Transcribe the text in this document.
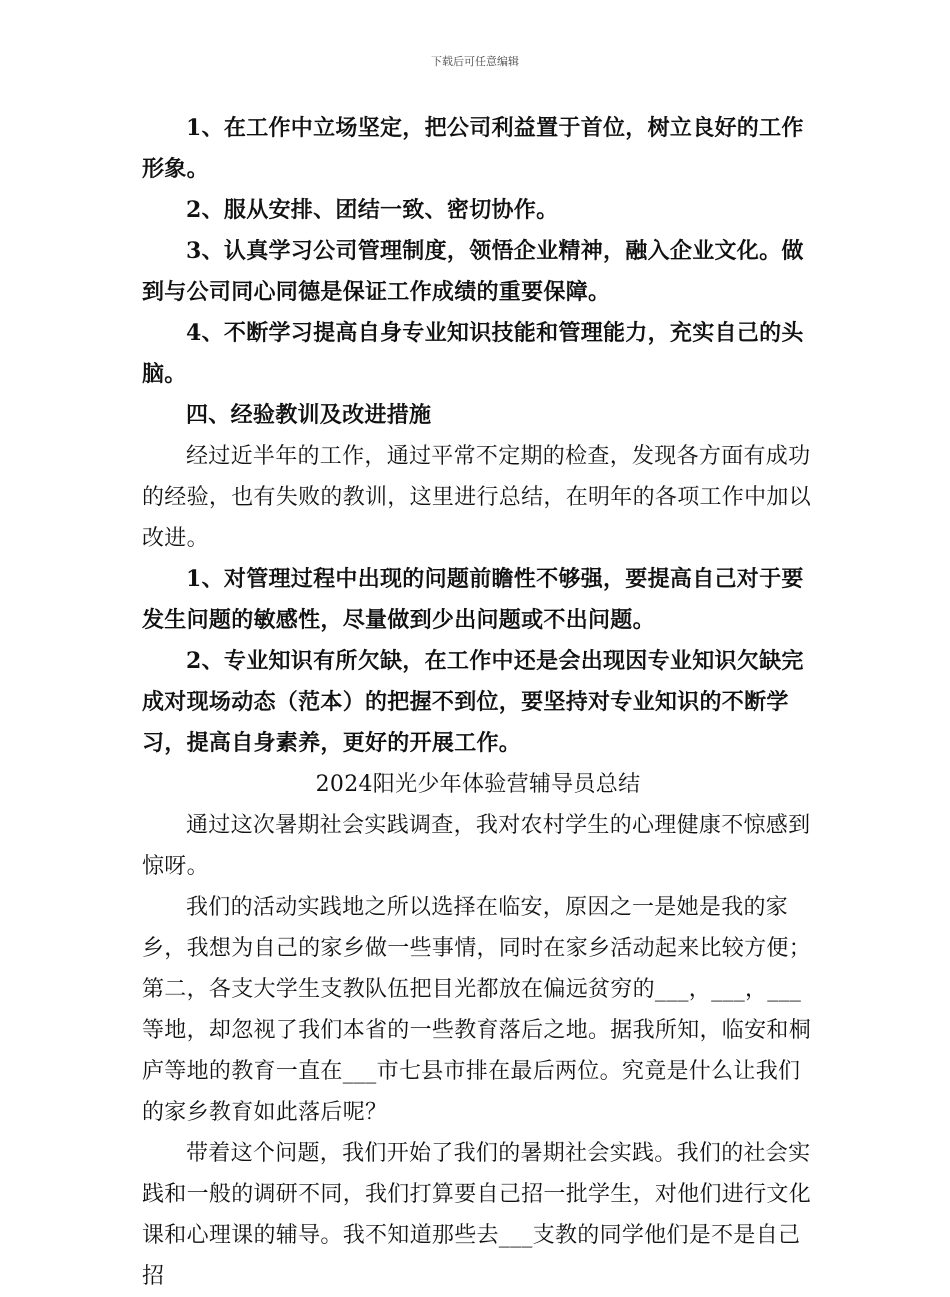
下载后可任意编辑

1、在工作中立场坚定，把公司利益置于首位，树立良好的工作形象。

2、服从安排、团结一致、密切协作。

3、认真学习公司管理制度，领悟企业精神，融入企业文化。做到与公司同心同德是保证工作成绩的重要保障。

4、不断学习提高自身专业知识技能和管理能力，充实自己的头脑。

四、经验教训及改进措施

经过近半年的工作，通过平常不定期的检查，发现各方面有成功的经验，也有失败的教训，这里进行总结，在明年的各项工作中加以改进。

1、对管理过程中出现的问题前瞻性不够强，要提高自己对于要发生问题的敏感性，尽量做到少出问题或不出问题。

2、专业知识有所欠缺，在工作中还是会出现因专业知识欠缺完成对现场动态（范本）的把握不到位，要坚持对专业知识的不断学习，提高自身素养，更好的开展工作。

2024阳光少年体验营辅导员总结

通过这次暑期社会实践调查，我对农村学生的心理健康不惊感到惊呀。

我们的活动实践地之所以选择在临安，原因之一是她是我的家乡，我想为自己的家乡做一些事情，同时在家乡活动起来比较方便；第二，各支大学生支教队伍把目光都放在偏远贫穷的___，___，___等地，却忽视了我们本省的一些教育落后之地。据我所知，临安和桐庐等地的教育一直在___市七县市排在最后两位。究竟是什么让我们的家乡教育如此落后呢？

带着这个问题，我们开始了我们的暑期社会实践。我们的社会实践和一般的调研不同，我们打算要自己招一批学生，对他们进行文化课和心理课的辅导。我不知道那些去___支教的同学他们是不是自己招
